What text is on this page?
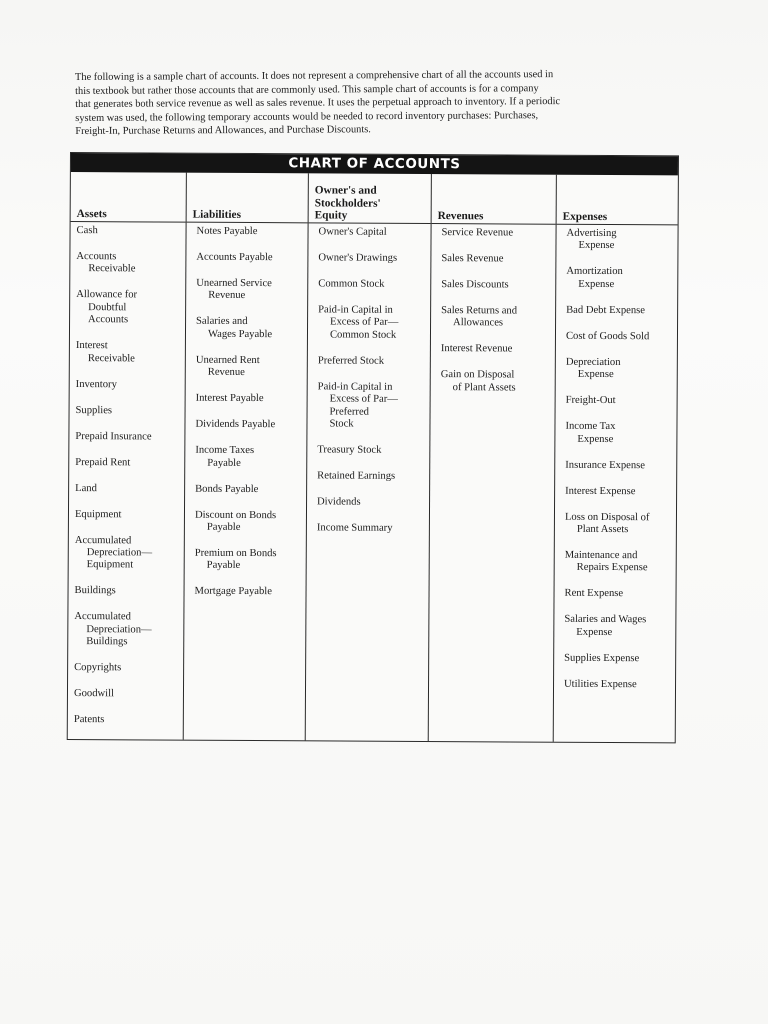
The following is a sample chart of accounts. It does not represent a comprehensive chart of all the accounts used in

this textbook but rather those accounts that are commonly used. This sample chart of accounts is for a company

that generates both service revenue as well as sales revenue. It uses the perpetual approach to inventory. If a periodic

system was used, the following temporary accounts would be needed to record inventory purchases: Purchases,

Freight-In, Purchase Returns and Allowances, and Purchase Discounts.

CHART OF ACCOUNTS
Assets
Cash
Accounts
Receivable
Allowance for
Doubtful
Accounts
Interest
Receivable
Inventory
Supplies
Prepaid Insurance
Prepaid Rent
Land
Equipment
Accumulated
Depreciation—
Equipment
Buildings
Accumulated
Depreciation—
Buildings
Copyrights
Goodwill
Patents
Liabilities
Notes Payable
Accounts Payable
Unearned Service
Revenue
Salaries and
Wages Payable
Unearned Rent
Revenue
Interest Payable
Dividends Payable
Income Taxes
Payable
Bonds Payable
Discount on Bonds
Payable
Premium on Bonds
Payable
Mortgage Payable
Owner's and
Stockholders'
Equity
Owner's Capital
Owner's Drawings
Common Stock
Paid-in Capital in
Excess of Par—
Common Stock
Preferred Stock
Paid-in Capital in
Excess of Par—
Preferred
Stock
Treasury Stock
Retained Earnings
Dividends
Income Summary
Revenues
Service Revenue
Sales Revenue
Sales Discounts
Sales Returns and
Allowances
Interest Revenue
Gain on Disposal
of Plant Assets
Expenses
Advertising
Expense
Amortization
Expense
Bad Debt Expense
Cost of Goods Sold
Depreciation
Expense
Freight-Out
Income Tax
Expense
Insurance Expense
Interest Expense
Loss on Disposal of
Plant Assets
Maintenance and
Repairs Expense
Rent Expense
Salaries and Wages
Expense
Supplies Expense
Utilities Expense
